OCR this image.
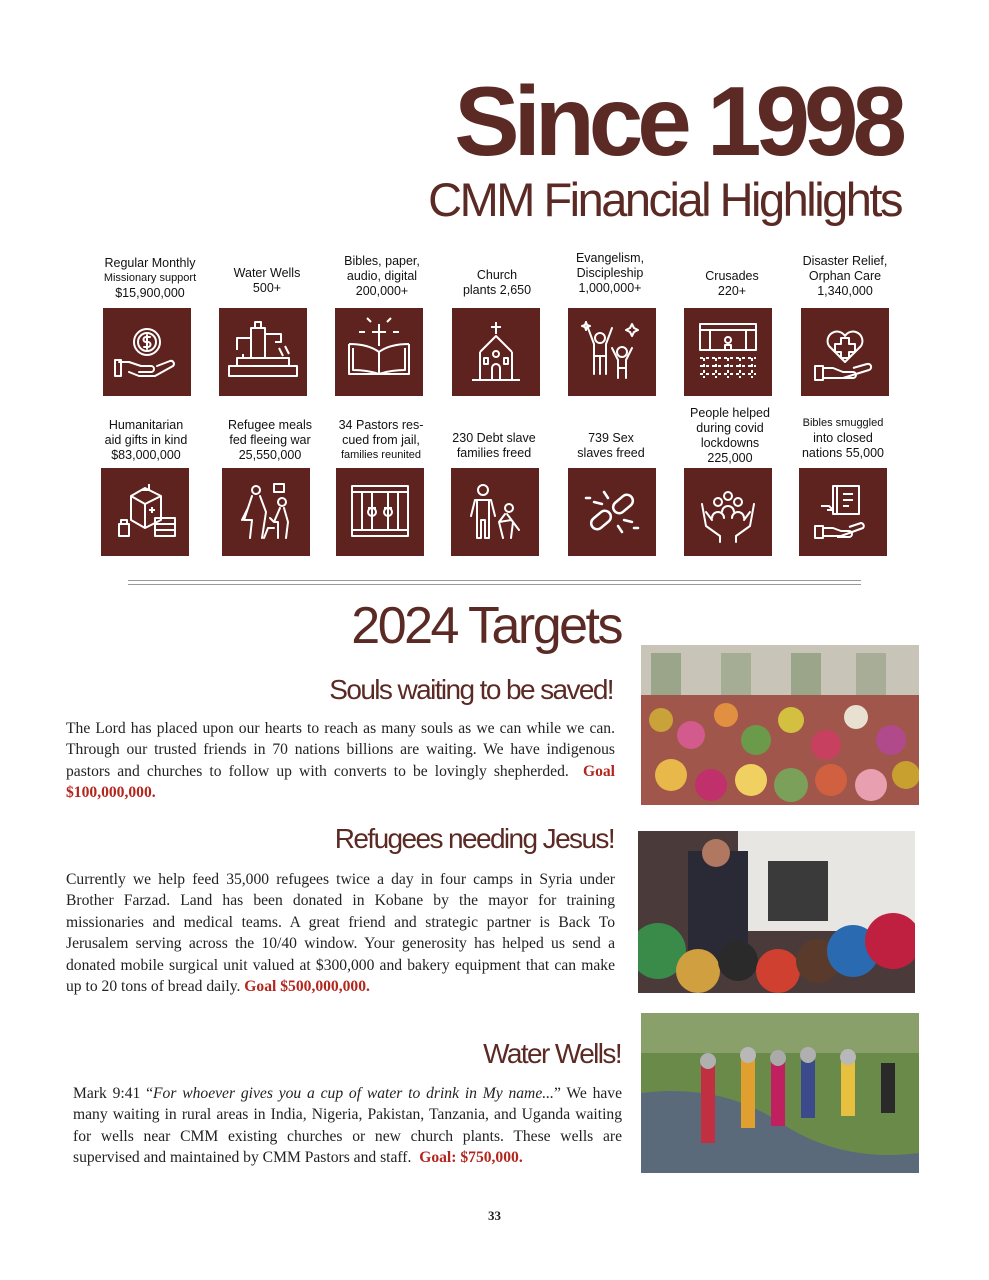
Since 1998
CMM Financial Highlights
Regular Monthly
Missionary support
$15,900,000
Water Wells
500+
Bibles, paper,
audio, digital
200,000+
Church
plants 2,650
Evangelism,
Discipleship
1,000,000+
Crusades
220+
Disaster Relief,
Orphan Care
1,340,000
Humanitarian
aid gifts in kind
$83,000,000
Refugee meals
fed fleeing war
25,550,000
34 Pastors res-
cued from jail,
families reunited
230 Debt slave
families freed
739 Sex
slaves freed
People helped
during covid
lockdowns
225,000
Bibles smuggled
into closed
nations 55,000
2024 Targets
Souls waiting to be saved!
The Lord has placed upon our hearts to reach as many souls as we can while we can. Through our trusted friends in 70 nations billions are waiting. We have indigenous pastors and churches to follow up with converts to be lovingly shepherded. Goal $100,000,000.
Refugees needing Jesus!
Currently we help feed 35,000 refugees twice a day in four camps in Syria under Brother Farzad. Land has been donated in Kobane by the mayor for training missionaries and medical teams. A great friend and strategic partner is Back To Jerusalem serving across the 10/40 window. Your generosity has helped us send a donated mobile surgical unit valued at $300,000 and bakery equipment that can make up to 20 tons of bread daily. Goal $500,000,000.
Water Wells!
Mark 9:41 “For whoever gives you a cup of water to drink in My name...” We have many waiting in rural areas in India, Nigeria, Pakistan, Tanzania, and Uganda waiting for wells near CMM existing churches or new church plants. These wells are supervised and maintained by CMM Pastors and staff. Goal: $750,000.
33
